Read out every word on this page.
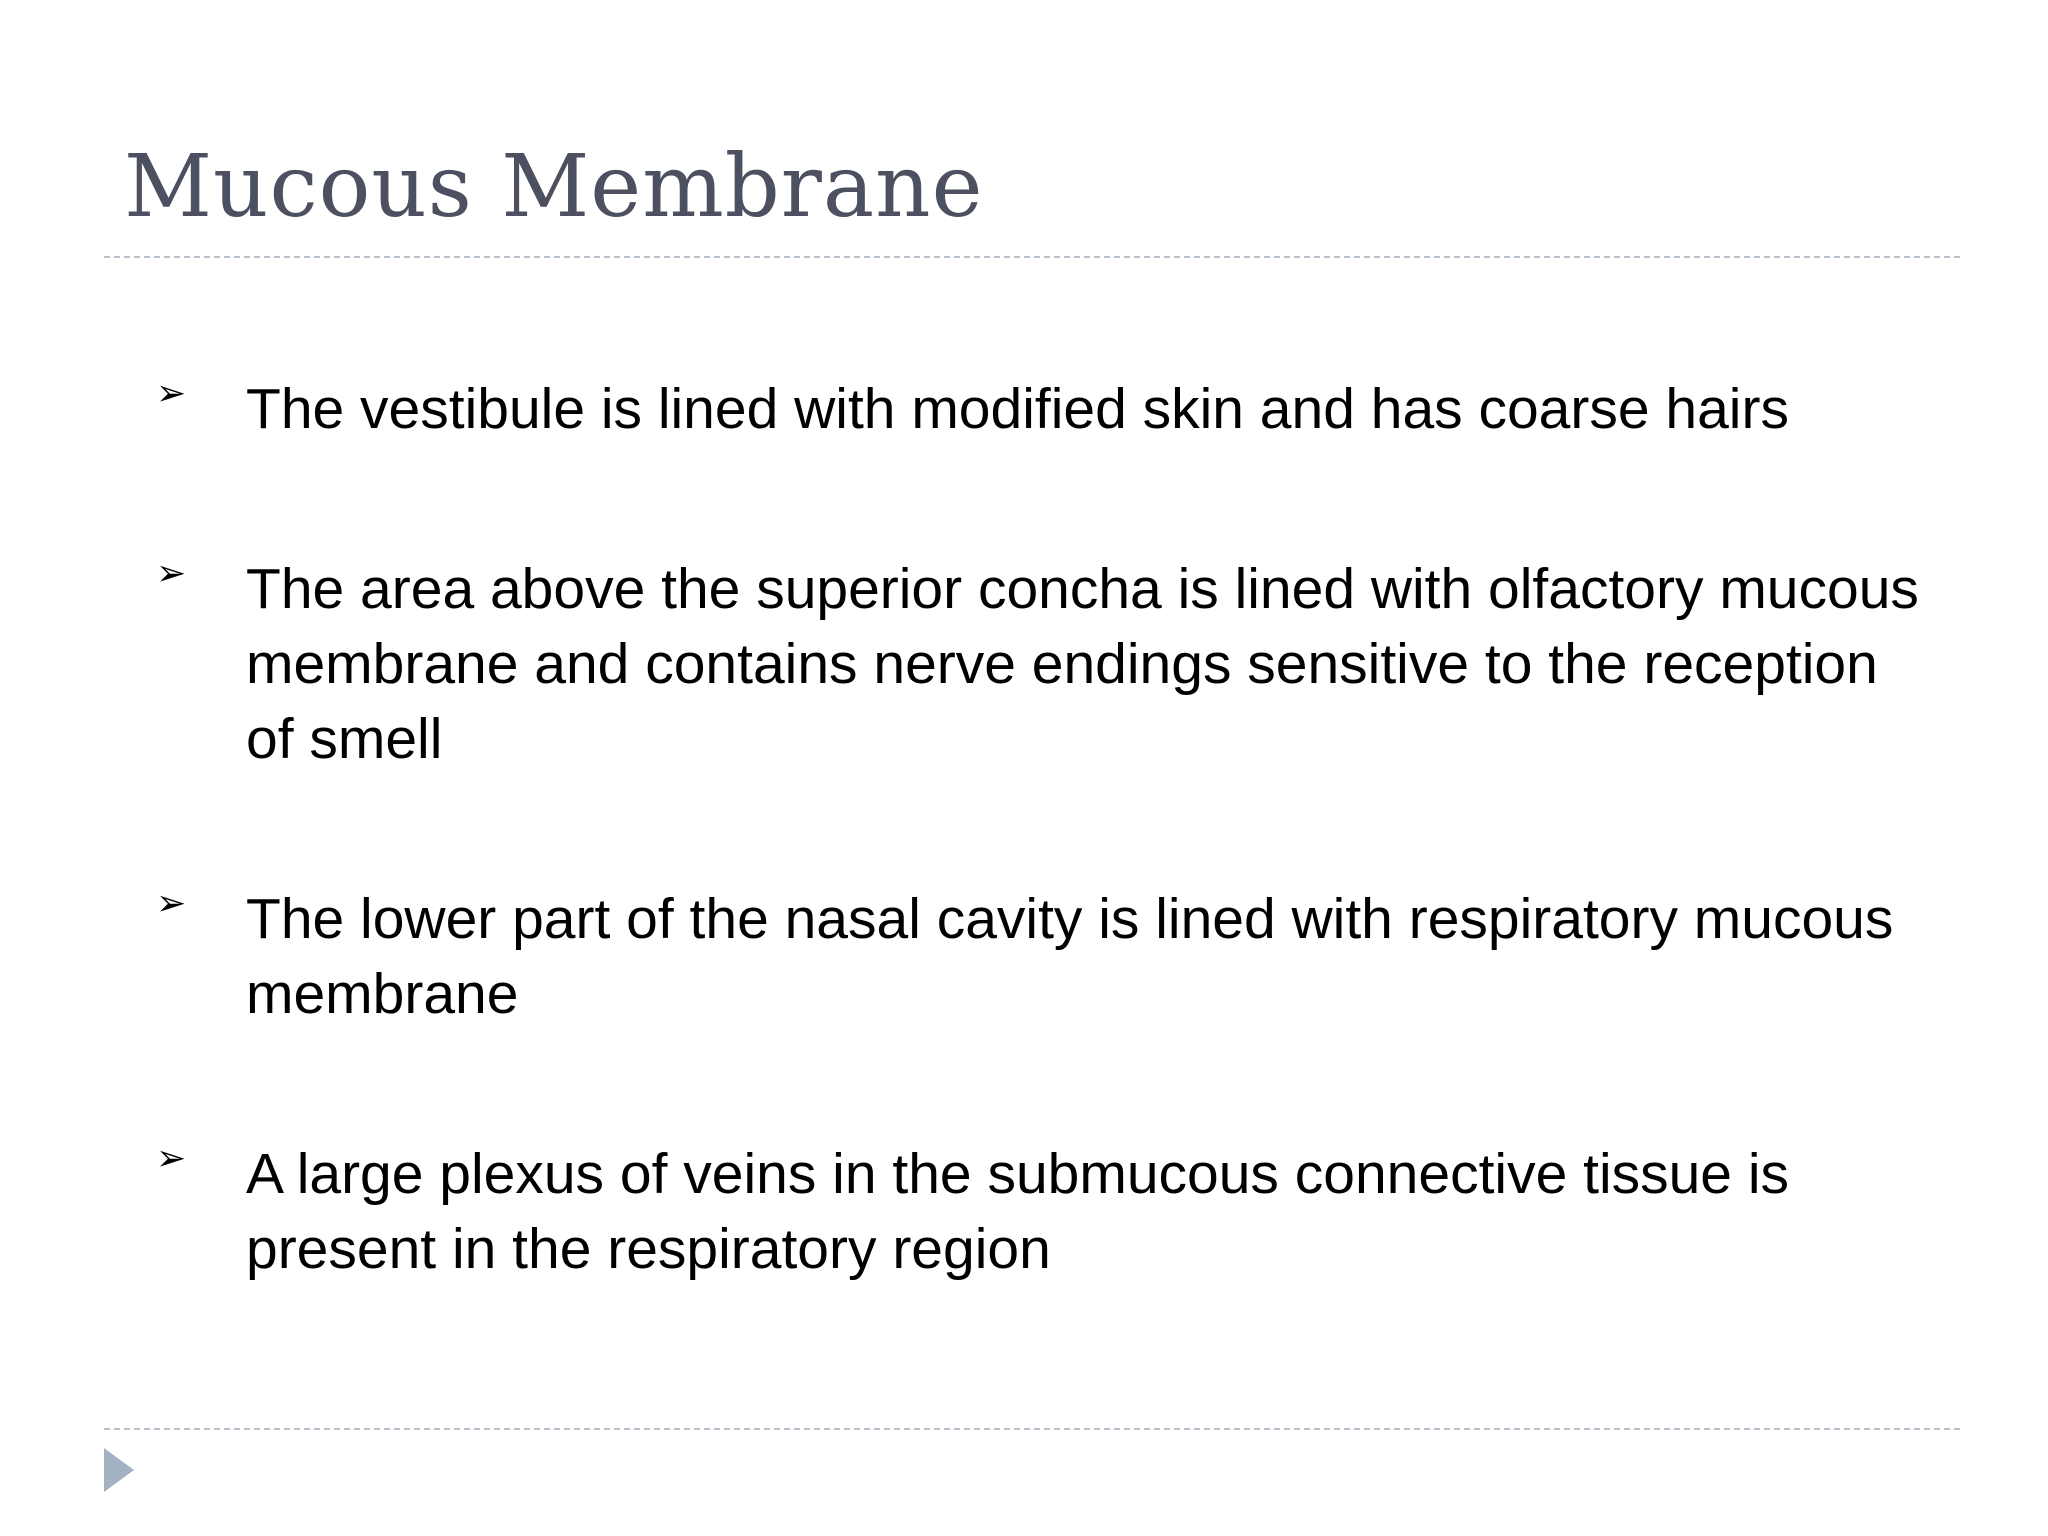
Mucous Membrane
➢ The vestibule is lined with modified skin and has coarse hairs
➢ The area above the superior concha is lined with olfactory mucous membrane and contains nerve endings sensitive to the reception of smell
➢ The lower part of the nasal cavity is lined with respiratory mucous membrane
➢ A large plexus of veins in the submucous connective tissue is present in the respiratory region
